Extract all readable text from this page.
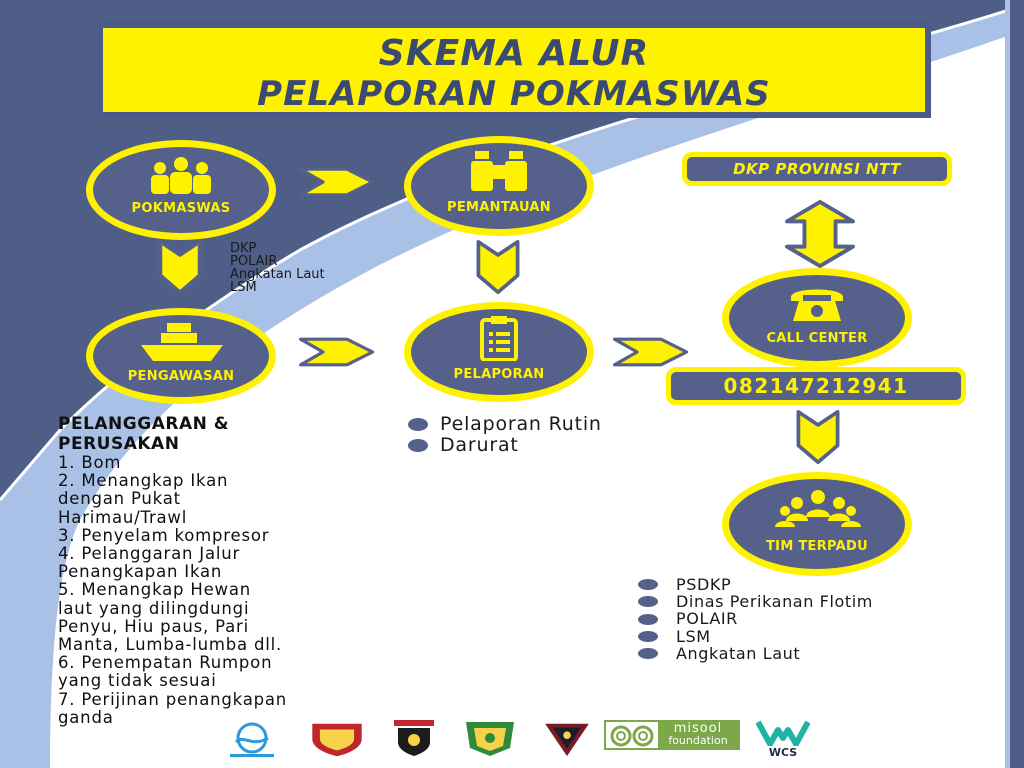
SKEMA ALUR
PELAPORAN POKMASWAS
POKMASWAS	PEMANTAUAN
PENGAWASAN	PELAPORAN
CALL CENTER
TIM TERPADU
DKP PROVINSI NTT
082147212941
DKP
POLAIR
Angkatan Laut
LSM
PELANGGARAN &
PERUSAKAN
1. Bom
2. Menangkap Ikan
dengan Pukat
Harimau/Trawl
3. Penyelam kompresor
4. Pelanggaran Jalur
Penangkapan Ikan
5. Menangkap Hewan
laut yang dilingdungi
Penyu, Hiu paus, Pari
Manta, Lumba-lumba dll.
6. Penempatan Rumpon
yang tidak sesuai
7. Perijinan penangkapan
ganda
Pelaporan Rutin
Darurat
PSDKP
Dinas Perikanan Flotim
POLAIR
LSM
Angkatan Laut
misool
foundation
WCS
